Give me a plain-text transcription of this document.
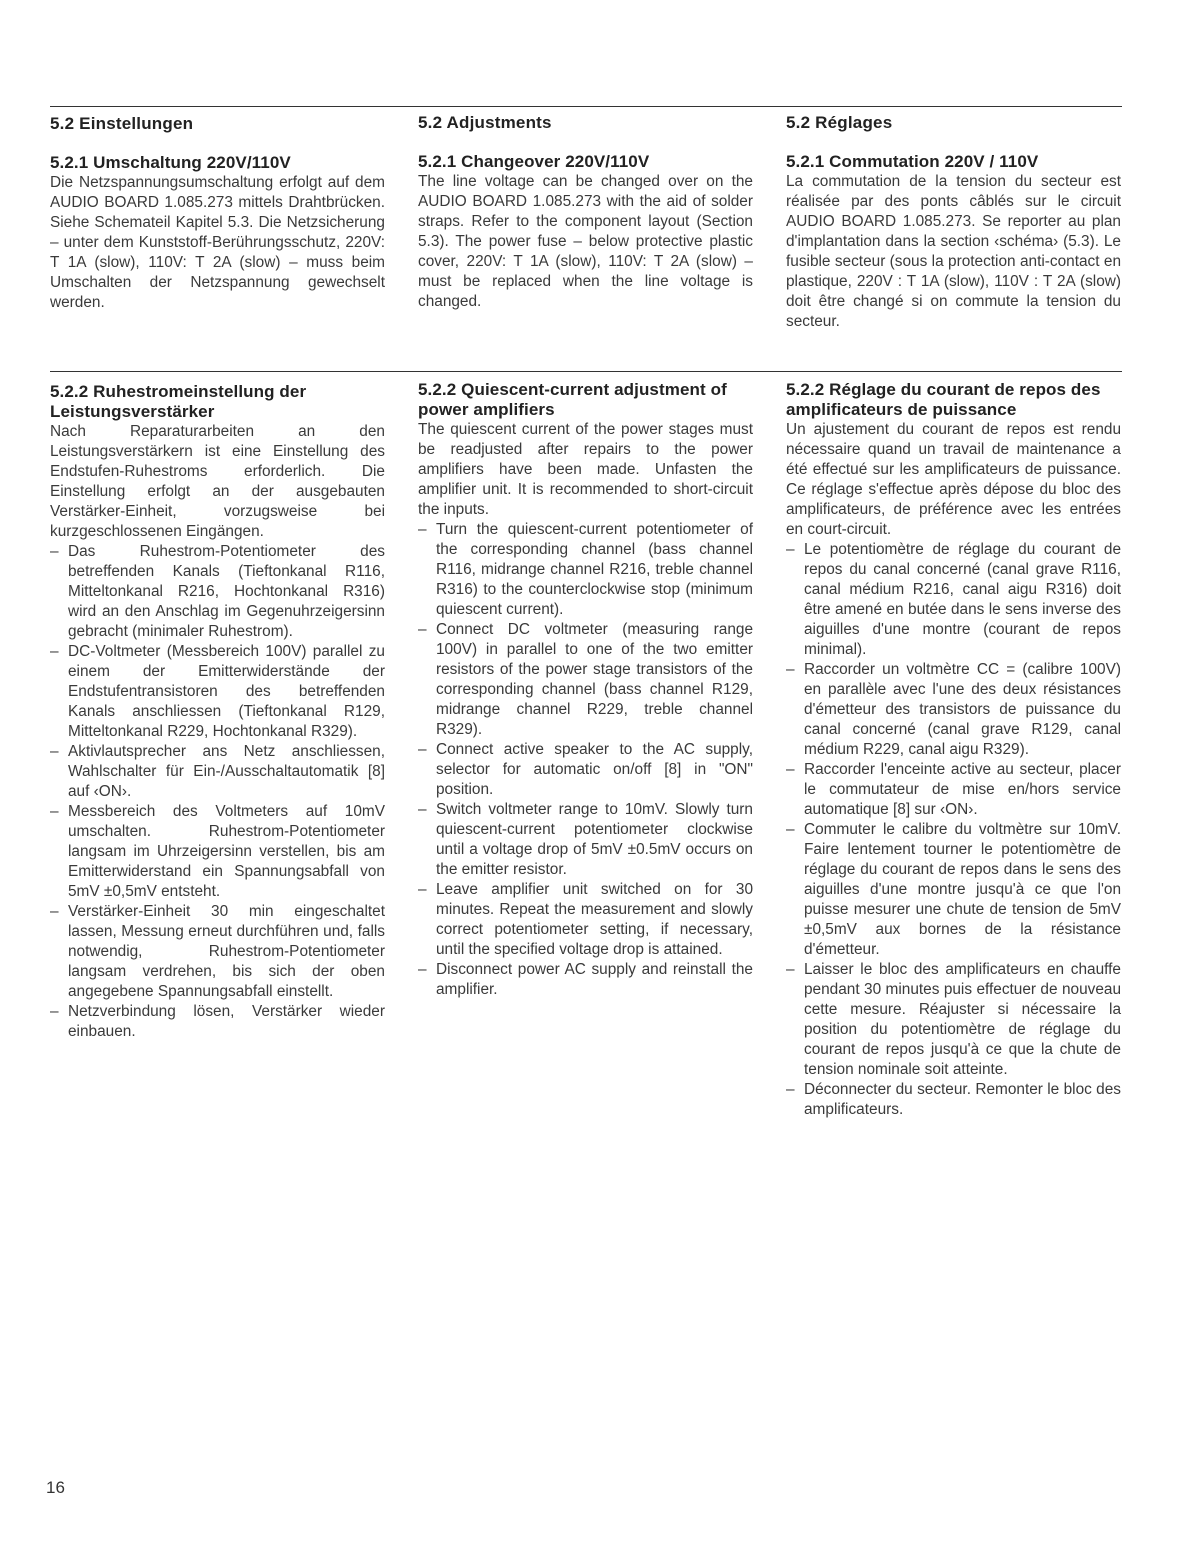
5.2 Einstellungen
5.2.1 Umschaltung 220V/110V

Die Netzspannungsumschaltung erfolgt auf dem AUDIO BOARD 1.085.273 mittels Drahtbrücken. Siehe Schemateil Kapitel 5.3. Die Netzsicherung – unter dem Kunststoff-Berührungsschutz, 220V: T 1A (slow), 110V: T 2A (slow) – muss beim Umschalten der Netzspannung gewechselt werden.

5.2 Adjustments
5.2.1 Changeover 220V/110V

The line voltage can be changed over on the AUDIO BOARD 1.085.273 with the aid of solder straps. Refer to the component layout (Section 5.3). The power fuse – below protective plastic cover, 220V: T 1A (slow), 110V: T 2A (slow) – must be replaced when the line voltage is changed.

5.2 Réglages
5.2.1 Commutation 220V / 110V

La commutation de la tension du secteur est réalisée par des ponts câblés sur le circuit AUDIO BOARD 1.085.273. Se reporter au plan d'implantation dans la section ‹schéma› (5.3). Le fusible secteur (sous la protection anti-contact en plastique, 220V : T 1A (slow), 110V : T 2A (slow) doit être changé si on commute la tension du secteur.

5.2.2 Ruhestromeinstellung der Leistungsverstärker

Nach Reparaturarbeiten an den Leistungsverstärkern ist eine Einstellung des Endstufen-Ruhestroms erforderlich. Die Einstellung erfolgt an der ausgebauten Verstärker-Einheit, vorzugsweise bei kurzgeschlossenen Eingängen.

– Das Ruhestrom-Potentiometer des betreffenden Kanals (Tieftonkanal R116, Mitteltonkanal R216, Hochtonkanal R316) wird an den Anschlag im Gegenuhrzeigersinn gebracht (minimaler Ruhestrom).
– DC-Voltmeter (Messbereich 100V) parallel zu einem der Emitterwiderstände der Endstufentransistoren des betreffenden Kanals anschliessen (Tieftonkanal R129, Mitteltonkanal R229, Hochtonkanal R329).
– Aktivlautsprecher ans Netz anschliessen, Wahlschalter für Ein-/Ausschaltautomatik [8] auf ‹ON›.
– Messbereich des Voltmeters auf 10mV umschalten. Ruhestrom-Potentiometer langsam im Uhrzeigersinn verstellen, bis am Emitterwiderstand ein Spannungsabfall von 5mV ±0,5mV entsteht.
– Verstärker-Einheit 30 min eingeschaltet lassen, Messung erneut durchführen und, falls notwendig, Ruhestrom-Potentiometer langsam verdrehen, bis sich der oben angegebene Spannungsabfall einstellt.
– Netzverbindung lösen, Verstärker wieder einbauen.
5.2.2 Quiescent-current adjustment of power amplifiers

The quiescent current of the power stages must be readjusted after repairs to the power amplifiers have been made. Unfasten the amplifier unit. It is recommended to short-circuit the inputs.

– Turn the quiescent-current potentiometer of the corresponding channel (bass channel R116, midrange channel R216, treble channel R316) to the counterclockwise stop (minimum quiescent current).
– Connect DC voltmeter (measuring range 100V) in parallel to one of the two emitter resistors of the power stage transistors of the corresponding channel (bass channel R129, midrange channel R229, treble channel R329).
– Connect active speaker to the AC supply, selector for automatic on/off [8] in "ON" position.
– Switch voltmeter range to 10mV. Slowly turn quiescent-current potentiometer clockwise until a voltage drop of 5mV ±0.5mV occurs on the emitter resistor.
– Leave amplifier unit switched on for 30 minutes. Repeat the measurement and slowly correct potentiometer setting, if necessary, until the specified voltage drop is attained.
– Disconnect power AC supply and reinstall the amplifier.
5.2.2 Réglage du courant de repos des amplificateurs de puissance

Un ajustement du courant de repos est rendu nécessaire quand un travail de maintenance a été effectué sur les amplificateurs de puissance. Ce réglage s'effectue après dépose du bloc des amplificateurs, de préférence avec les entrées en court-circuit.

– Le potentiomètre de réglage du courant de repos du canal concerné (canal grave R116, canal médium R216, canal aigu R316) doit être amené en butée dans le sens inverse des aiguilles d'une montre (courant de repos minimal).
– Raccorder un voltmètre CC = (calibre 100V) en parallèle avec l'une des deux résistances d'émetteur des transistors de puissance du canal concerné (canal grave R129, canal médium R229, canal aigu R329).
– Raccorder l'enceinte active au secteur, placer le commutateur de mise en/hors service automatique [8] sur ‹ON›.
– Commuter le calibre du voltmètre sur 10mV. Faire lentement tourner le potentiomètre de réglage du courant de repos dans le sens des aiguilles d'une montre jusqu'à ce que l'on puisse mesurer une chute de tension de 5mV ±0,5mV aux bornes de la résistance d'émetteur.
– Laisser le bloc des amplificateurs en chauffe pendant 30 minutes puis effectuer de nouveau cette mesure. Réajuster si nécessaire la position du potentiomètre de réglage du courant de repos jusqu'à ce que la chute de tension nominale soit atteinte.
– Déconnecter du secteur. Remonter le bloc des amplificateurs.
16
